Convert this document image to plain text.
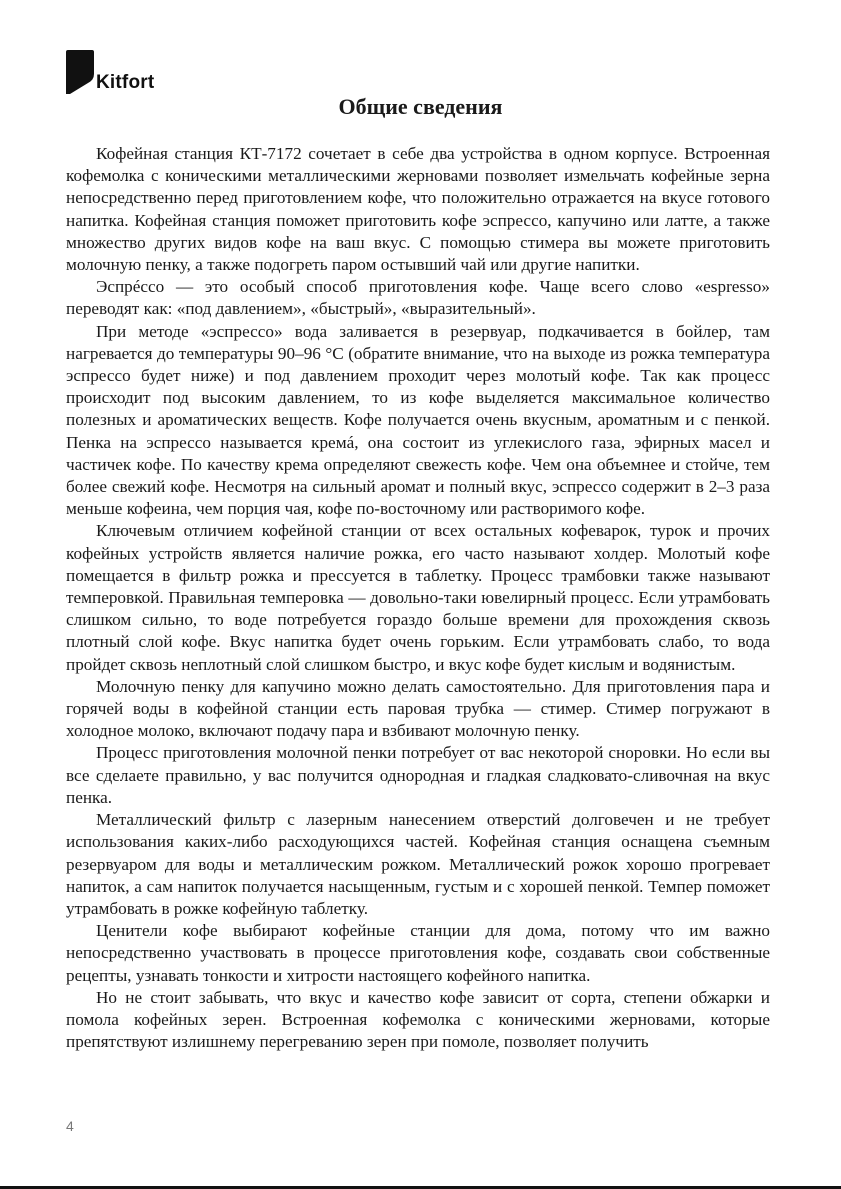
Kitfort
Общие сведения

Кофейная станция КТ-7172 сочетает в себе два устройства в одном корпусе. Встроенная кофемолка с коническими металлическими жерновами позволяет измельчать кофейные зерна непосредственно перед приготовлением кофе, что положительно отражается на вкусе готового напитка. Кофейная станция поможет приготовить кофе эспрессо, капучино или латте, а также множество других видов кофе на ваш вкус. С помощью стимера вы можете приготовить молочную пенку, а также подогреть паром остывший чай или другие напитки.

Эспрéссо — это особый способ приготовления кофе. Чаще всего слово «espresso» переводят как: «под давлением», «быстрый», «выразительный».

При методе «эспрессо» вода заливается в резервуар, подкачивается в бойлер, там нагревается до температуры 90–96 °C (обратите внимание, что на выходе из рожка температура эспрессо будет ниже) и под давлением проходит через молотый кофе. Так как процесс происходит под высоким давлением, то из кофе выделяется максимальное количество полезных и ароматических веществ. Кофе получается очень вкусным, ароматным и с пенкой. Пенка на эспрессо называется кремá, она состоит из углекислого газа, эфирных масел и частичек кофе. По качеству крема определяют свежесть кофе. Чем она объемнее и стойче, тем более свежий кофе. Несмотря на сильный аромат и полный вкус, эспрессо содержит в 2–3 раза меньше кофеина, чем порция чая, кофе по-восточному или растворимого кофе.

Ключевым отличием кофейной станции от всех остальных кофеварок, турок и прочих кофейных устройств является наличие рожка, его часто называют холдер. Молотый кофе помещается в фильтр рожка и прессуется в таблетку. Процесс трамбовки также называют темперовкой. Правильная темперовка — довольно-таки ювелирный процесс. Если утрамбовать слишком сильно, то воде потребуется гораздо больше времени для прохождения сквозь плотный слой кофе. Вкус напитка будет очень горьким. Если утрамбовать слабо, то вода пройдет сквозь неплотный слой слишком быстро, и вкус кофе будет кислым и водянистым.

Молочную пенку для капучино можно делать самостоятельно. Для приготовления пара и горячей воды в кофейной станции есть паровая трубка — стимер. Стимер погружают в холодное молоко, включают подачу пара и взбивают молочную пенку.

Процесс приготовления молочной пенки потребует от вас некоторой сноровки. Но если вы все сделаете правильно, у вас получится однородная и гладкая сладковато-сливочная на вкус пенка.

Металлический фильтр с лазерным нанесением отверстий долговечен и не требует использования каких-либо расходующихся частей. Кофейная станция оснащена съемным резервуаром для воды и металлическим рожком. Металлический рожок хорошо прогревает напиток, а сам напиток получается насыщенным, густым и с хорошей пенкой. Темпер поможет утрамбовать в рожке кофейную таблетку.

Ценители кофе выбирают кофейные станции для дома, потому что им важно непосредственно участвовать в процессе приготовления кофе, создавать свои собственные рецепты, узнавать тонкости и хитрости настоящего кофейного напитка.

Но не стоит забывать, что вкус и качество кофе зависит от сорта, степени обжарки и помола кофейных зерен. Встроенная кофемолка с коническими жерновами, которые препятствуют излишнему перегреванию зерен при помоле, позволяет получить

4
